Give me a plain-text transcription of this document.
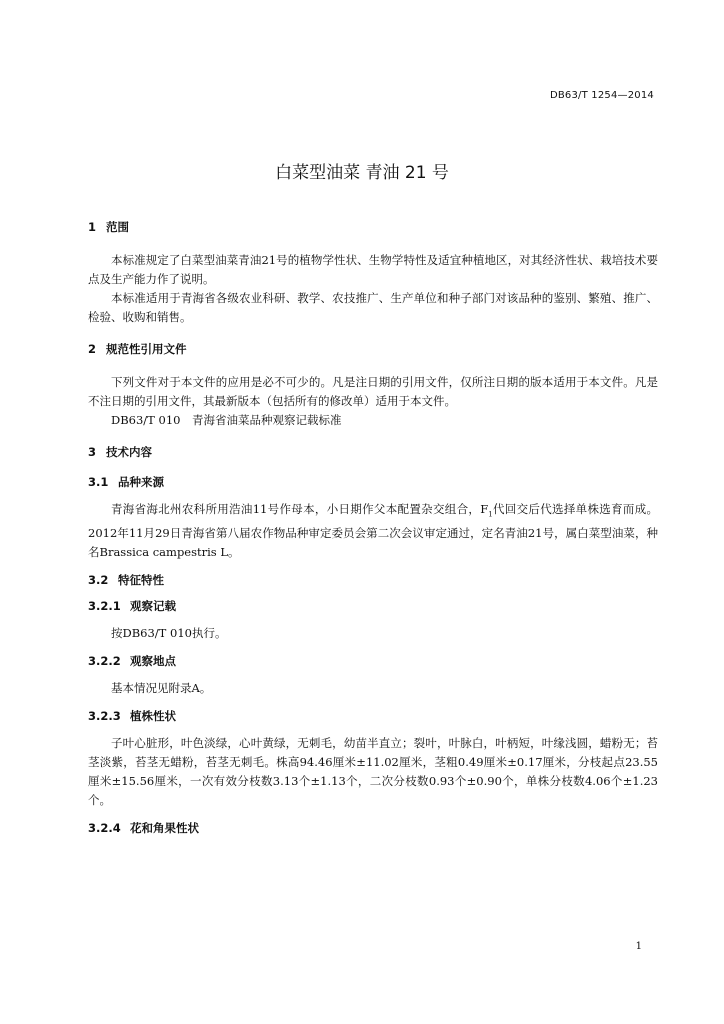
DB63/T 1254—2014
白菜型油菜 青油 21 号
1 范围

本标准规定了白菜型油菜青油21号的植物学性状、生物学特性及适宜种植地区，对其经济性状、栽培技术要点及生产能力作了说明。

本标准适用于青海省各级农业科研、教学、农技推广、生产单位和种子部门对该品种的鉴别、繁殖、推广、检验、收购和销售。

2 规范性引用文件

下列文件对于本文件的应用是必不可少的。凡是注日期的引用文件，仅所注日期的版本适用于本文件。凡是不注日期的引用文件，其最新版本（包括所有的修改单）适用于本文件。

DB63/T 010　青海省油菜品种观察记载标准

3 技术内容
3.1 品种来源

青海省海北州农科所用浩油11号作母本，小日期作父本配置杂交组合，$F_1$代回交后代选择单株选育而成。2012年11月29日青海省第八届农作物品种审定委员会第二次会议审定通过，定名青油21号，属白菜型油菜，种名Brassica campestris L。

3.2 特征特性
3.2.1 观察记载

按DB63/T 010执行。

3.2.2 观察地点

基本情况见附录A。

3.2.3 植株性状

子叶心脏形，叶色淡绿，心叶黄绿，无刺毛，幼苗半直立；裂叶，叶脉白，叶柄短，叶缘浅圆，蜡粉无；苔茎淡紫，苔茎无蜡粉，苔茎无刺毛。株高94.46厘米±11.02厘米，茎粗0.49厘米±0.17厘米，分枝起点23.55厘米±15.56厘米，一次有效分枝数3.13个±1.13个，二次分枝数0.93个±0.90个，单株分枝数4.06个±1.23个。

3.2.4 花和角果性状
1
